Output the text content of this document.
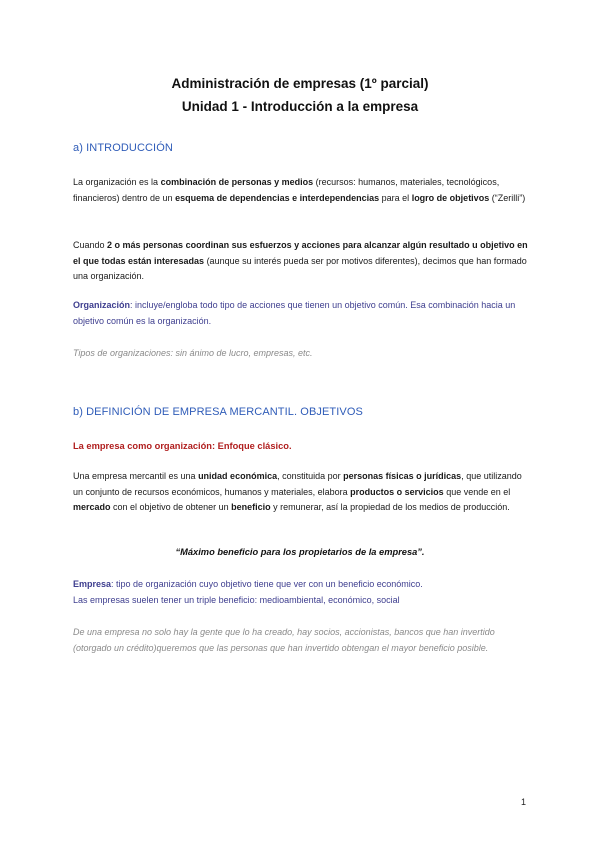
Administración de empresas (1º parcial)
Unidad 1 - Introducción a la empresa
a) INTRODUCCIÓN
La organización es la combinación de personas y medios (recursos: humanos, materiales, tecnológicos, financieros) dentro de un esquema de dependencias e interdependencias para el logro de objetivos (“Zerilli”)
Cuando 2 o más personas coordinan sus esfuerzos y acciones para alcanzar algún resultado u objetivo en el que todas están interesadas (aunque su interés pueda ser por motivos diferentes), decimos que han formado una organización.
Organización: incluye/engloba todo tipo de acciones que tienen un objetivo común. Esa combinación hacia un objetivo común es la organización.
Tipos de organizaciones: sin ánimo de lucro, empresas, etc.
b) DEFINICIÓN DE EMPRESA MERCANTIL. OBJETIVOS
La empresa como organización: Enfoque clásico.
Una empresa mercantil es una unidad económica, constituida por personas físicas o jurídicas, que utilizando un conjunto de recursos económicos, humanos y materiales, elabora productos o servicios que vende en el mercado con el objetivo de obtener un beneficio y remunerar, así la propiedad de los medios de producción.
“Máximo beneficio para los propietarios de la empresa”.
Empresa: tipo de organización cuyo objetivo tiene que ver con un beneficio económico.
Las empresas suelen tener un triple beneficio: medioambiental, económico, social
De una empresa no solo hay la gente que lo ha creado, hay socios, accionistas, bancos que han invertido (otorgado un crédito)queremos que las personas que han invertido obtengan el mayor beneficio posible.
1
